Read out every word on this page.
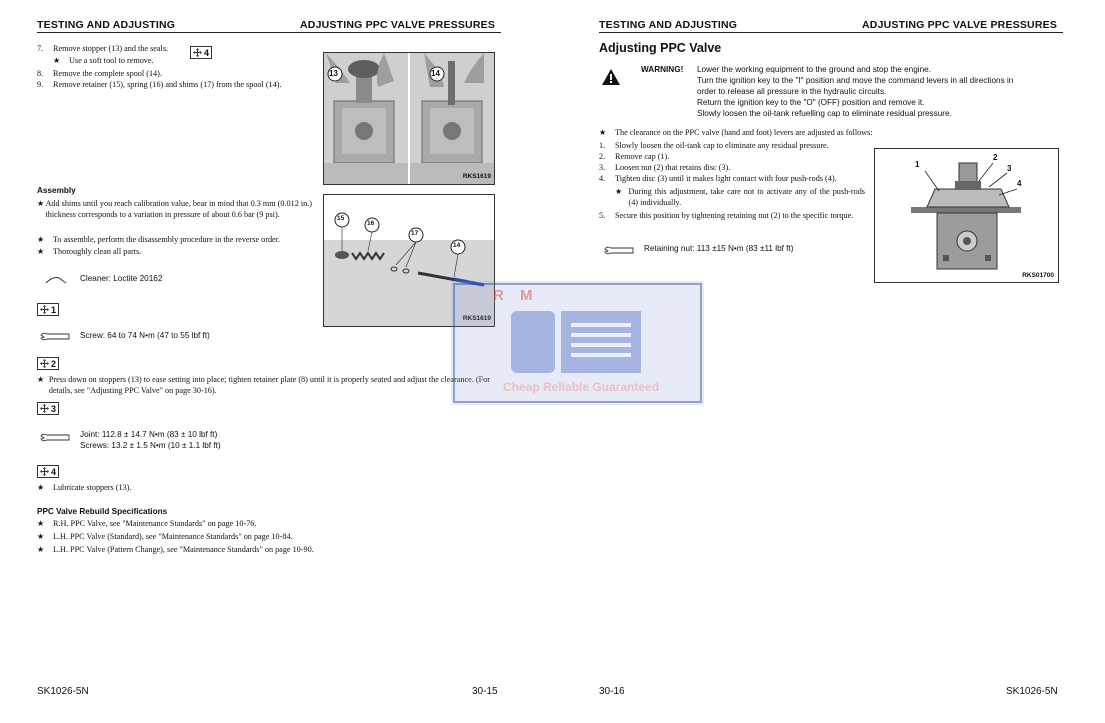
TESTING AND ADJUSTING	ADJUSTING PPC VALVE PRESSURES
7.	Remove stopper (13) and the seals.	4
★	Use a soft tool to remove.
8.	Remove the complete spool (14).
9.	Remove retainer (15), spring (16) and shims (17) from the spool (14).
13	14
RKS1619
Assembly
★ Add shims until you reach calibration value, bear in mind that 0.3 mm (0.012 in.) thickness corresponds to a variation in pressure of about 0.6 bar (9 psi).
★	To assemble, perform the disassembly procedure in the reverse order.
★	Thoroughly clean all parts.
15
16
17
14
RKS1619
Cleaner: Loctite 20162
1
Screw: 64 to 74 N•m (47 to 55 lbf ft)
2
★ Press down on stoppers (13) to ease setting into place; tighten retainer plate (8) until it is properly seated and adjust the clearance. (For details, see "Adjusting PPC Valve" on page 30-16).
3
Joint: 112.8 ± 14.7 N•m (83 ± 10 lbf ft)
Screws: 13.2 ± 1.5 N•m (10 ± 1.1 lbf ft)
4
★	Lubricate stoppers (13).
PPC Valve Rebuild Specifications
★	R.H. PPC Valve, see "Maintenance Standards" on page 10-76.
★	L.H. PPC Valve (Standard), see "Maintenance Standards" on page 10-84.
★	L.H. PPC Valve (Pattern Change), see "Maintenance Standards" on page 10-90.
SK1026-5N	30-15
TESTING AND ADJUSTING	ADJUSTING PPC VALVE PRESSURES
Adjusting PPC Valve
WARNING! Lower the working equipment to the ground and stop the engine.
Turn the ignition key to the "I" position and move the command levers in all directions in
order to release all pressure in the hydraulic circuits.
Return the ignition key to the "O" (OFF) position and remove it.
Slowly loosen the oil-tank refuelling cap to eliminate residual pressure.
★	The clearance on the PPC valve (hand and foot) levers are adjusted as follows:
1.	Slowly loosen the oil-tank cap to eliminate any residual pressure.
2.	Remove cap (1).
3.	Loosen nut (2) that retains disc (3).
4.	Tighten disc (3) until it makes light contact with four push-rods (4).
★ During this adjustment, take care not to activate any of the push-rods (4) individually.
5.	Secure this position by tightening retaining nut (2) to the specific torque.
Retaining nut: 113 ±15 N•m (83 ±11 lbf ft)
1
2
3
4
RKS01700
30-16	SK1026-5N
R M
Cheap Reliable Guaranteed
